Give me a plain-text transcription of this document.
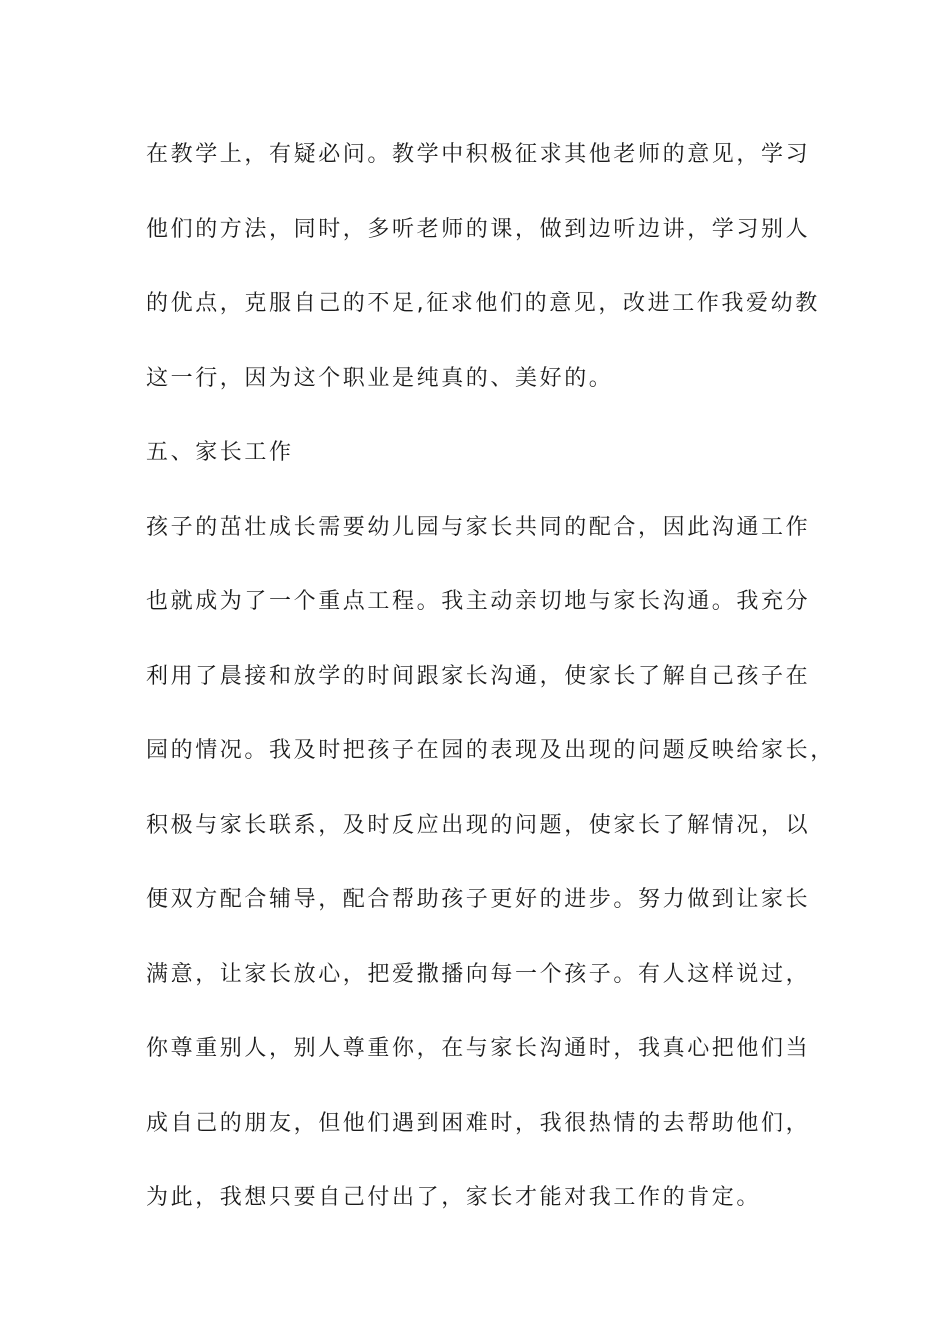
在教学上，有疑必问。教学中积极征求其他老师的意见，学习
他们的方法，同时，多听老师的课，做到边听边讲，学习别人
的优点，克服自己的不足,征求他们的意见，改进工作我爱幼教
这一行，因为这个职业是纯真的、美好的。
五、家长工作
孩子的茁壮成长需要幼儿园与家长共同的配合，因此沟通工作
也就成为了一个重点工程。我主动亲切地与家长沟通。我充分
利用了晨接和放学的时间跟家长沟通，使家长了解自己孩子在
园的情况。我及时把孩子在园的表现及出现的问题反映给家长，
积极与家长联系，及时反应出现的问题，使家长了解情况，以
便双方配合辅导，配合帮助孩子更好的进步。努力做到让家长
满意，让家长放心，把爱撒播向每一个孩子。有人这样说过，
你尊重别人，别人尊重你，在与家长沟通时，我真心把他们当
成自己的朋友，但他们遇到困难时，我很热情的去帮助他们，
为此，我想只要自己付出了，家长才能对我工作的肯定。
